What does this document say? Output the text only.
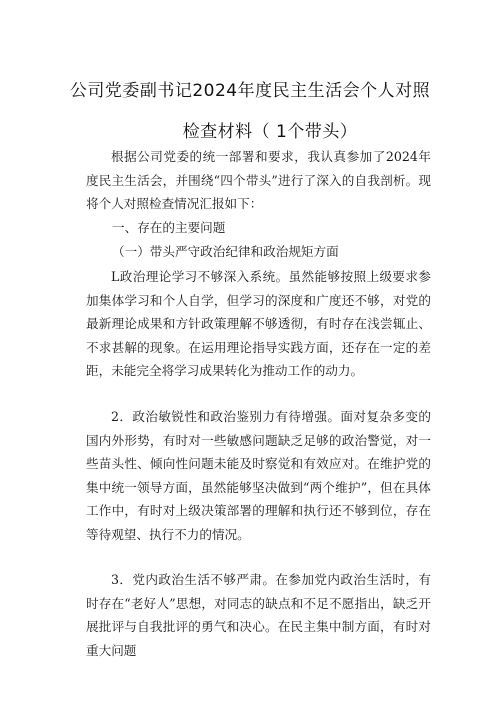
公司党委副书记2024年度民主生活会个人对照
检查材料（ 1个带头）
根据公司党委的统一部署和要求，我认真参加了2024年度民主生活会，并围绕“四个带头”进行了深入的自我剖析。现将个人对照检查情况汇报如下：
一、存在的主要问题
（一）带头严守政治纪律和政治规矩方面
L政治理论学习不够深入系统。虽然能够按照上级要求参加集体学习和个人自学，但学习的深度和广度还不够，对党的最新理论成果和方针政策理解不够透彻，有时存在浅尝辄止、不求甚解的现象。在运用理论指导实践方面，还存在一定的差距，未能完全将学习成果转化为推动工作的动力。
2．政治敏锐性和政治鉴别力有待增强。面对复杂多变的国内外形势，有时对一些敏感问题缺乏足够的政治警觉，对一些苗头性、倾向性问题未能及时察觉和有效应对。在维护党的集中统一领导方面，虽然能够坚决做到“两个维护”，但在具体工作中，有时对上级决策部署的理解和执行还不够到位，存在等待观望、执行不力的情况。
3．党内政治生活不够严肃。在参加党内政治生活时，有时存在“老好人”思想，对同志的缺点和不足不愿指出，缺乏开展批评与自我批评的勇气和决心。在民主集中制方面，有时对重大问题
